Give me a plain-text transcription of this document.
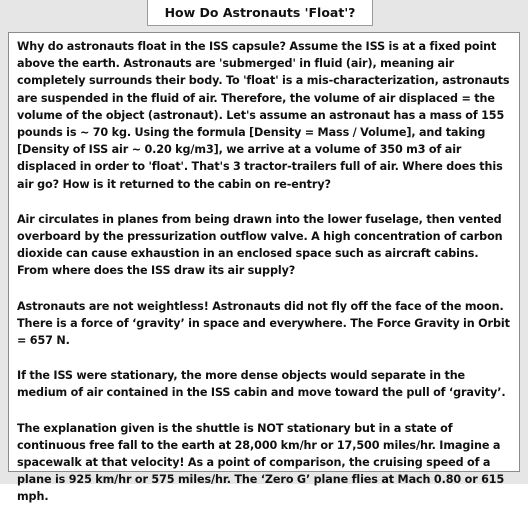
How Do Astronauts 'Float'?

Why do astronauts float in the ISS capsule? Assume the ISS is at a fixed point above the earth. Astronauts are 'submerged' in fluid (air), meaning air completely surrounds their body. To 'float' is a mis-characterization, astronauts are suspended in the fluid of air. Therefore, the volume of air displaced = the volume of the object (astronaut). Let's assume an astronaut has a mass of 155 pounds is ~ 70 kg. Using the formula [Density = Mass / Volume], and taking [Density of ISS air ~ 0.20 kg/m3], we arrive at a volume of 350 m3 of air displaced in order to 'float'. That's 3 tractor-trailers full of air. Where does this air go? How is it returned to the cabin on re-entry?

Air circulates in planes from being drawn into the lower fuselage, then vented overboard by the pressurization outflow valve. A high concentration of carbon dioxide can cause exhaustion in an enclosed space such as aircraft cabins. From where does the ISS draw its air supply?

Astronauts are not weightless! Astronauts did not fly off the face of the moon. There is a force of ‘gravity’ in space and everywhere. The Force Gravity in Orbit = 657 N.

If the ISS were stationary, the more dense objects would separate in the medium of air contained in the ISS cabin and move toward the pull of ‘gravity’.

The explanation given is the shuttle is NOT stationary but in a state of continuous free fall to the earth at 28,000 km/hr or 17,500 miles/hr. Imagine a spacewalk at that velocity! As a point of comparison, the cruising speed of a plane is 925 km/hr or 575 miles/hr. The ‘Zero G’ plane flies at Mach 0.80 or 615 mph.
